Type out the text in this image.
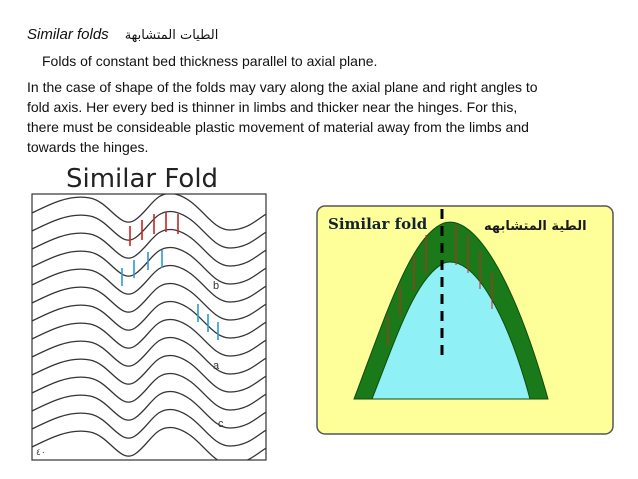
Similar folds الطيات المتشابهة
Folds of constant bed thickness parallel to axial plane.
In the case of shape of the folds may vary along the axial plane and right angles to
fold axis. Her every bed is thinner in limbs and thicker near the hinges. For this,
there must be consideable plastic movement of material away from the limbs and
towards the hinges.
Similar Fold
b
a
c
٤٠
Similar fold	الطية المتشابهه
